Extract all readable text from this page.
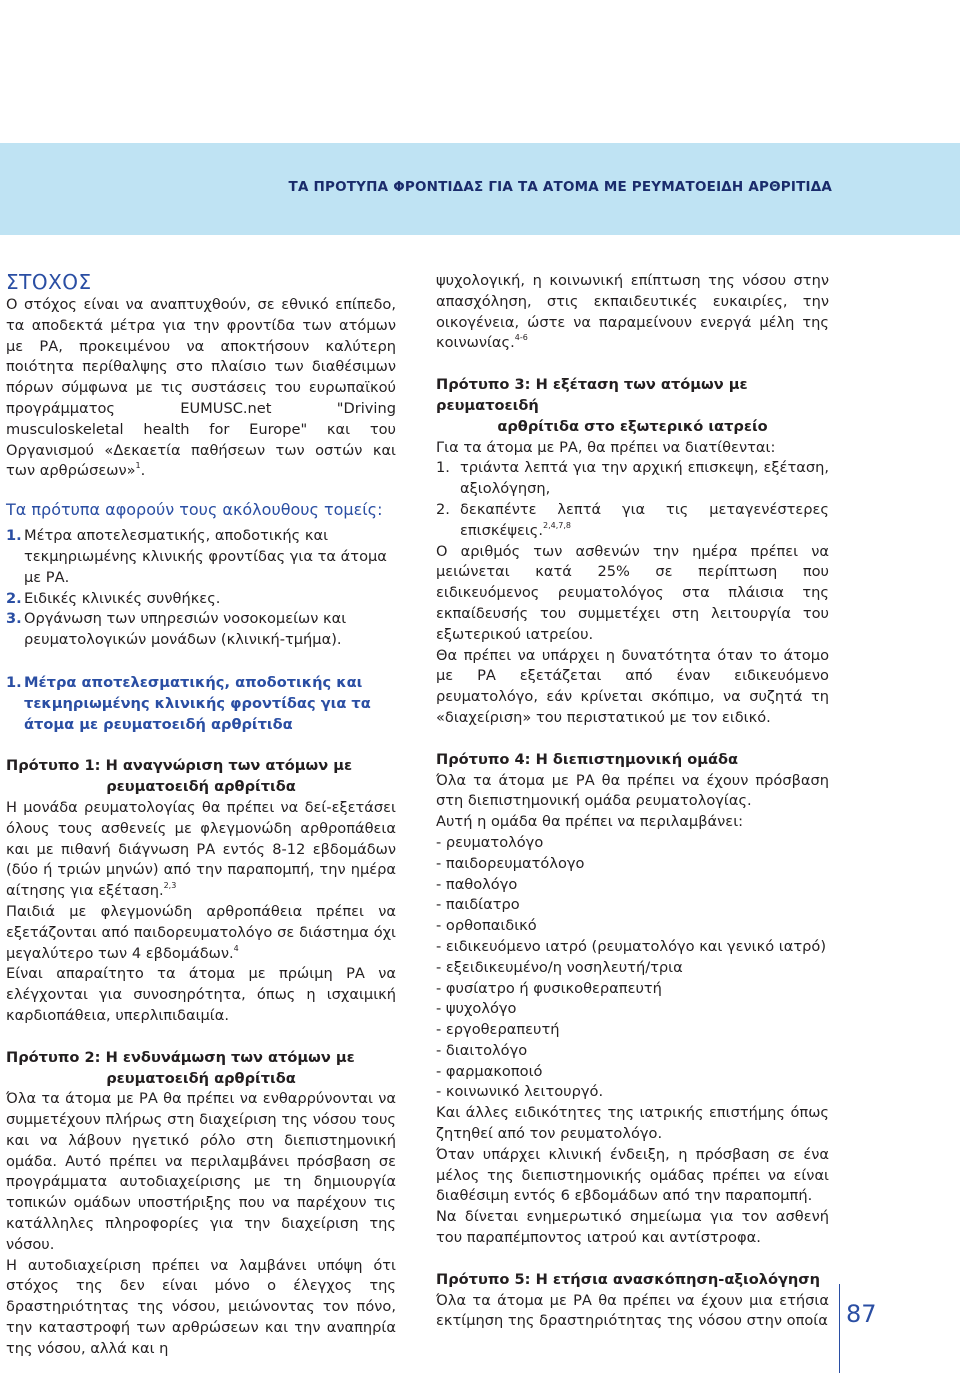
ΤΑ ΠΡΟΤΥΠΑ ΦΡΟΝΤΙΔΑΣ ΓΙΑ ΤΑ ΑΤΟΜΑ ΜΕ ΡΕΥΜΑΤΟΕΙΔΗ ΑΡΘΡΙΤΙΔΑ
ΣΤΟΧΟΣ

Ο στόχος είναι να αναπτυχθούν, σε εθνικό επίπεδο, τα αποδεκτά μέτρα για την φροντίδα των ατόμων με ΡΑ, προκειμένου να αποκτήσουν καλύτερη ποιότητα περίθαλψης στο πλαίσιο των διαθέσιμων πόρων σύμφωνα με τις συστάσεις του ευρωπαϊκού προγράμματος EUMUSC.net "Driving musculoskeletal health for Europe" και του Οργανισμού «Δεκαετία παθήσεων των οστών και των αρθρώσεων»$^1$.

Τα πρότυπα αφορούν τους ακόλουθους τομείς:
1. Μέτρα αποτελεσματικής, αποδοτικής και τεκμηριωμένης κλινικής φροντίδας για τα άτομα με ΡΑ.
2. Ειδικές κλινικές συνθήκες.
3. Οργάνωση των υπηρεσιών νοσοκομείων και ρευματολογικών μονάδων (κλινική-τμήμα).
1. Μέτρα αποτελεσματικής, αποδοτικής και τεκμηριωμένης κλινικής φροντίδας για τα άτομα με ρευματοειδή αρθρίτιδα
Πρότυπο 1: Η αναγνώριση των ατόμων με
ρευματοειδή αρθρίτιδα

Η μονάδα ρευματολογίας θα πρέπει να δεί-εξετάσει όλους τους ασθενείς με φλεγμονώδη αρθροπάθεια και με πιθανή διάγνωση ΡΑ εντός 8-12 εβδομάδων (δύο ή τριών μηνών) από την παραπομπή, την ημέρα αίτησης για εξέταση.$^{2,3}$

Παιδιά με φλεγμονώδη αρθροπάθεια πρέπει να εξετάζονται από παιδορευματολόγο σε διάστημα όχι μεγαλύτερο των 4 εβδομάδων.$^4$

Είναι απαραίτητο τα άτομα με πρώιμη ΡΑ να ελέγχονται για συνοσηρότητα, όπως η ισχαιμική καρδιοπάθεια, υπερλιπιδαιμία.

Πρότυπο 2: Η ενδυνάμωση των ατόμων με
ρευματοειδή αρθρίτιδα

Όλα τα άτομα με ΡΑ θα πρέπει να ενθαρρύνονται να συμμετέχουν πλήρως στη διαχείριση της νόσου τους και να λάβουν ηγετικό ρόλο στη διεπιστημονική ομάδα. Αυτό πρέπει να περιλαμβάνει πρόσβαση σε προγράμματα αυτοδιαχείρισης με τη δημιουργία τοπικών ομάδων υποστήριξης που να παρέχουν τις κατάλληλες πληροφορίες για την διαχείριση της νόσου.

Η αυτοδιαχείριση πρέπει να λαμβάνει υπόψη ότι στόχος της δεν είναι μόνο ο έλεγχος της δραστηριότητας της νόσου, μειώνοντας τον πόνο, την καταστροφή των αρθρώσεων και την αναπηρία της νόσου, αλλά και η

ψυχολογική, η κοινωνική επίπτωση της νόσου στην απασχόληση, στις εκπαιδευτικές ευκαιρίες, την οικογένεια, ώστε να παραμείνουν ενεργά μέλη της κοινωνίας.$^{4-6}$

Πρότυπο 3: Η εξέταση των ατόμων με ρευματοειδή
αρθρίτιδα στο εξωτερικό ιατρείο

Για τα άτομα με ΡΑ, θα πρέπει να διατίθενται:

1. τριάντα λεπτά για την αρχική επισκεψη, εξέταση, αξιολόγηση,
2. δεκαπέντε λεπτά για τις μεταγενέστερες επισκέψεις.$^{2,4,7,8}$

Ο αριθμός των ασθενών την ημέρα πρέπει να μειώνεται κατά 25% σε περίπτωση που ειδικευόμενος ρευματολόγος στα πλάισια της εκπαίδευσής του συμμετέχει στη λειτουργία του εξωτερικού ιατρείου.

Θα πρέπει να υπάρχει η δυνατότητα όταν το άτομο με ΡΑ εξετάζεται από έναν ειδικευόμενο ρευματολόγο, εάν κρίνεται σκόπιμο, να συζητά τη «διαχείριση» του περιστατικού με τον ειδικό.

Πρότυπο 4: Η διεπιστημονική ομάδα

Όλα τα άτομα με ΡΑ θα πρέπει να έχουν πρόσβαση στη διεπιστημονική ομάδα ρευματολογίας.

Αυτή η ομάδα θα πρέπει να περιλαμβάνει:

- ρευματολόγο
- παιδορευματόλογο
- παθολόγο
- παιδίατρο
- ορθοπαιδικό
- ειδικευόμενο ιατρό (ρευματολόγο και γενικό ιατρό)
- εξειδικευμένο/η νοσηλευτή/τρια
- φυσίατρο ή φυσικοθεραπευτή
- ψυχολόγο
- εργοθεραπευτή
- διαιτολόγο
- φαρμακοποιό
- κοινωνικό λειτουργό.

Και άλλες ειδικότητες της ιατρικής επιστήμης όπως ζητηθεί από τον ρευματολόγο.

Όταν υπάρχει κλινική ένδειξη, η πρόσβαση σε ένα μέλος της διεπιστημονικής ομάδας πρέπει να είναι διαθέσιμη εντός 6 εβδομάδων από την παραπομπή.

Να δίνεται ενημερωτικό σημείωμα για τον ασθενή του παραπέμποντος ιατρού και αντίστροφα.

Πρότυπο 5: Η ετήσια ανασκόπηση-αξιολόγηση

Όλα τα άτομα με ΡΑ θα πρέπει να έχουν μια ετήσια εκτίμηση της δραστηριότητας της νόσου στην οποία 87
